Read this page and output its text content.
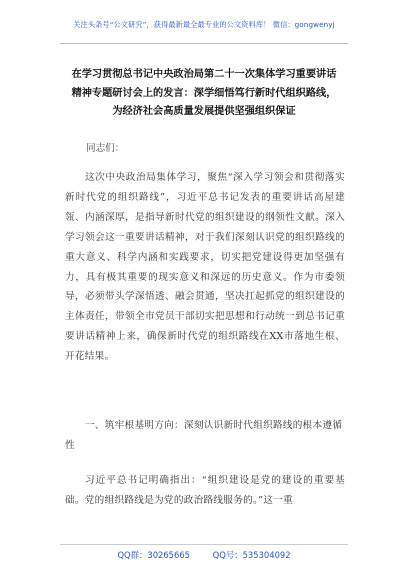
关注头条号“公文研究”，获得最新最全最专业的公文资料库！ 微信：gongwenyj
在学习贯彻总书记中央政治局第二十一次集体学习重要讲话精神专题研讨会上的发言：深学细悟笃行新时代组织路线，为经济社会高质量发展提供坚强组织保证
同志们：
这次中央政治局集体学习，聚焦“深入学习领会和贯彻落实新时代党的组织路线”，习近平总书记发表的重要讲话高屋建瓴、内涵深厚，是指导新时代党的组织建设的纲领性文献。深入学习领会这一重要讲话精神，对于我们深刻认识党的组织路线的重大意义、科学内涵和实践要求，切实把党建设得更加坚强有力，具有极其重要的现实意义和深远的历史意义。作为市委领导，必须带头学深悟透、融会贯通，坚决扛起抓党的组织建设的主体责任，带领全市党员干部切实把思想和行动统一到总书记重要讲话精神上来，确保新时代党的组织路线在XX市落地生根、开花结果。
一、筑牢根基明方向：深刻认识新时代组织路线的根本遵循性
习近平总书记明确指出：“组织建设是党的建设的重要基础。党的组织路线是为党的政治路线服务的。”这一重
QQ群：30265665	QQ号：535304092
